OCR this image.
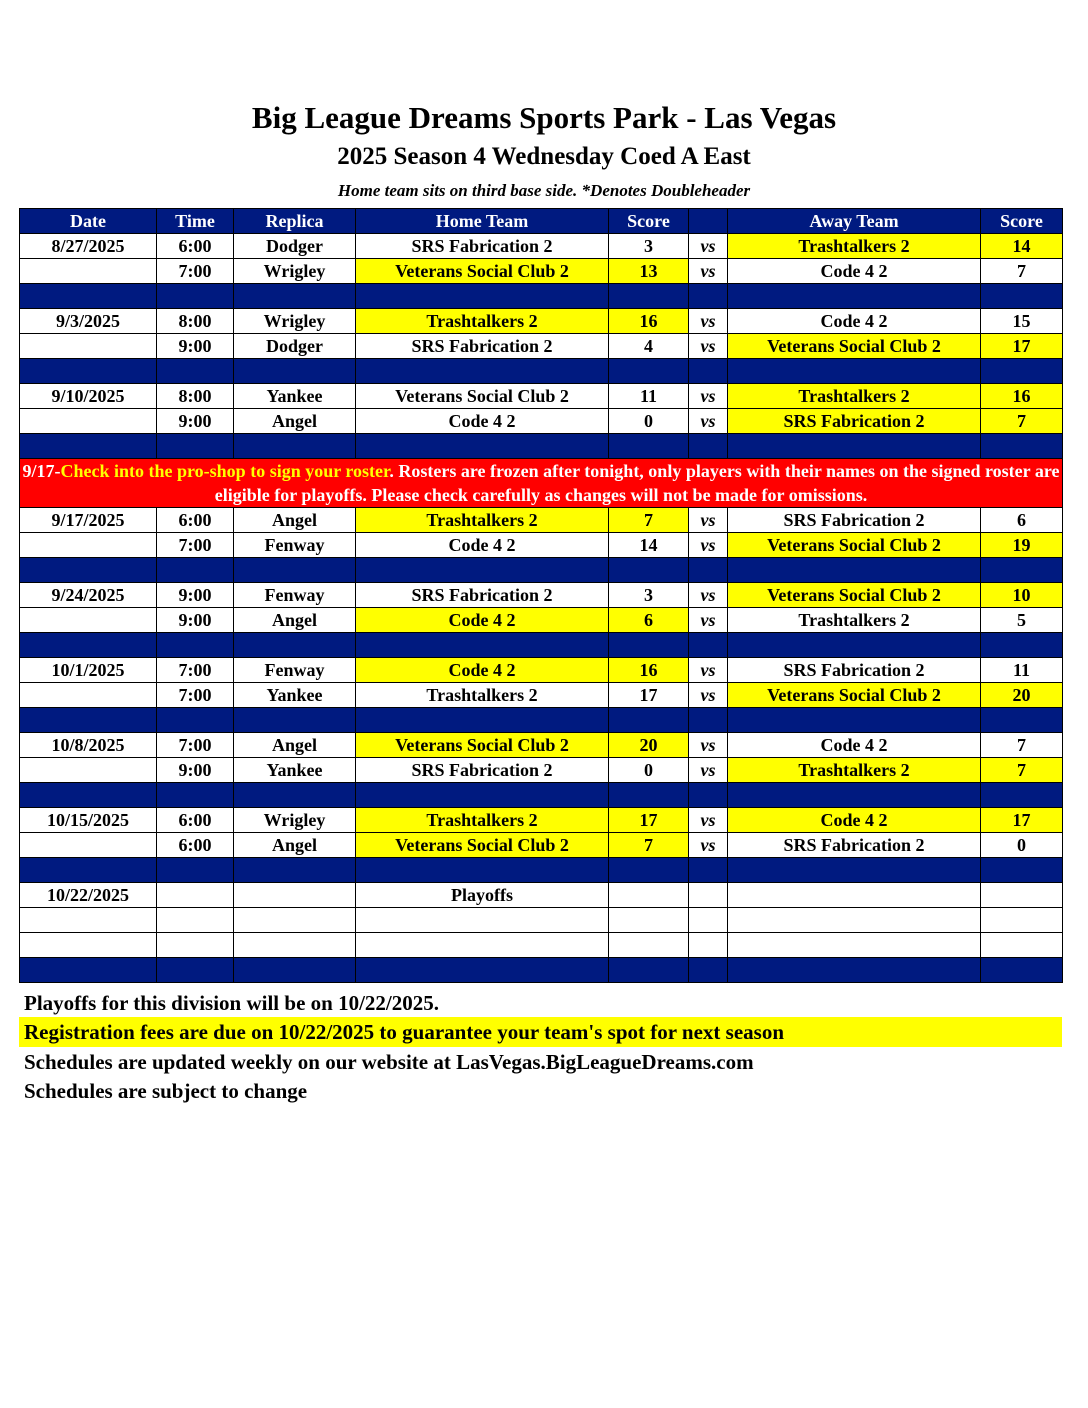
Big League Dreams Sports Park - Las Vegas
2025 Season 4 Wednesday Coed A East
Home team sits on third base side. *Denotes Doubleheader
Date	Time	Replica	Home Team	Score		Away Team	Score
8/27/2025	6:00	Dodger	SRS Fabrication 2	3	vs	Trashtalkers 2	14
	7:00	Wrigley	Veterans Social Club 2	13	vs	Code 4 2	7

9/3/2025	8:00	Wrigley	Trashtalkers 2	16	vs	Code 4 2	15
	9:00	Dodger	SRS Fabrication 2	4	vs	Veterans Social Club 2	17

9/10/2025	8:00	Yankee	Veterans Social Club 2	11	vs	Trashtalkers 2	16
	9:00	Angel	Code 4 2	0	vs	SRS Fabrication 2	7

9/17-Check into the pro-shop to sign your roster. Rosters are frozen after tonight, only players with their names on the signed roster are eligible for playoffs. Please check carefully as changes will not be made for omissions.							
9/17/2025	6:00	Angel	Trashtalkers 2	7	vs	SRS Fabrication 2	6
	7:00	Fenway	Code 4 2	14	vs	Veterans Social Club 2	19

9/24/2025	9:00	Fenway	SRS Fabrication 2	3	vs	Veterans Social Club 2	10
	9:00	Angel	Code 4 2	6	vs	Trashtalkers 2	5

10/1/2025	7:00	Fenway	Code 4 2	16	vs	SRS Fabrication 2	11
	7:00	Yankee	Trashtalkers 2	17	vs	Veterans Social Club 2	20

10/8/2025	7:00	Angel	Veterans Social Club 2	20	vs	Code 4 2	7
	9:00	Yankee	SRS Fabrication 2	0	vs	Trashtalkers 2	7

10/15/2025	6:00	Wrigley	Trashtalkers 2	17	vs	Code 4 2	17
	6:00	Angel	Veterans Social Club 2	7	vs	SRS Fabrication 2	0

10/22/2025			Playoffs				

Playoffs for this division will be on 10/22/2025.
Registration fees are due on 10/22/2025 to guarantee your team's spot for next season
Schedules are updated weekly on our website at LasVegas.BigLeagueDreams.com
Schedules are subject to change
